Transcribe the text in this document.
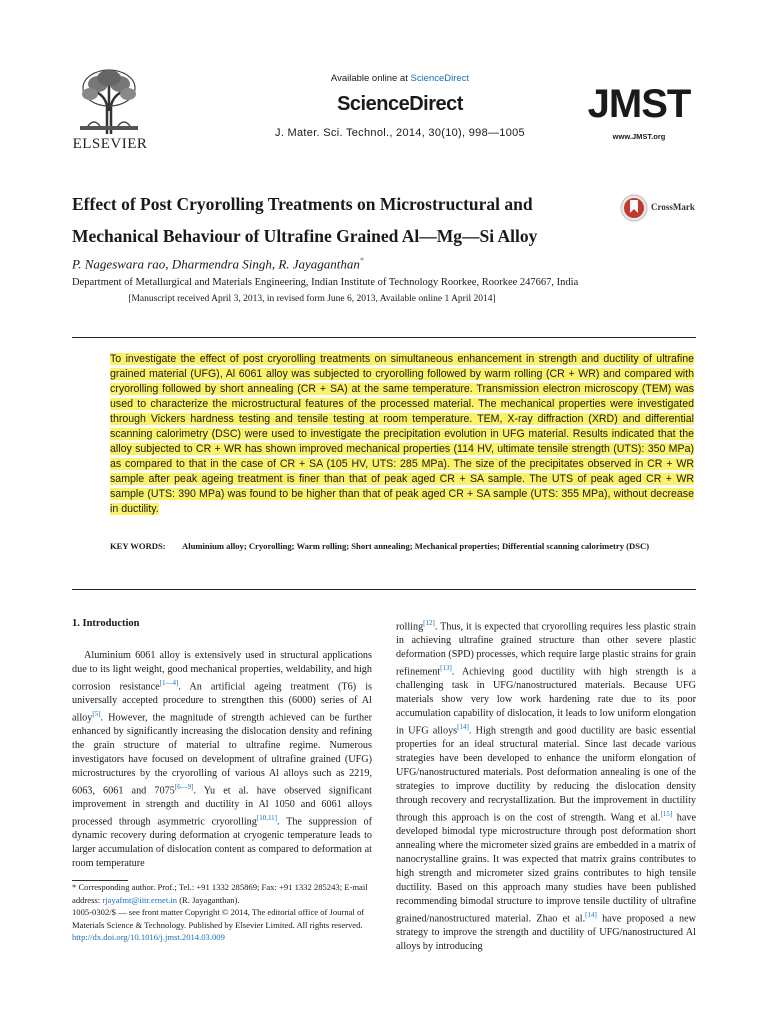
ELSEVIER
Available online at ScienceDirect
ScienceDirect
J. Mater. Sci. Technol., 2014, 30(10), 998—1005
JMST
www.JMST.org
Effect of Post Cryorolling Treatments on Microstructural and
Mechanical Behaviour of Ultrafine Grained Al—Mg—Si Alloy
CrossMark
P. Nageswara rao, Dharmendra Singh, R. Jayaganthan*
Department of Metallurgical and Materials Engineering, Indian Institute of Technology Roorkee, Roorkee 247667, India
[Manuscript received April 3, 2013, in revised form June 6, 2013, Available online 1 April 2014]
To investigate the effect of post cryorolling treatments on simultaneous enhancement in strength and ductility of ultrafine grained material (UFG), Al 6061 alloy was subjected to cryorolling followed by warm rolling (CR + WR) and compared with cryorolling followed by short annealing (CR + SA) at the same temperature. Transmission electron microscopy (TEM) was used to characterize the microstructural features of the processed material. The mechanical properties were investigated through Vickers hardness testing and tensile testing at room temperature. TEM, X-ray diffraction (XRD) and differential scanning calorimetry (DSC) were used to investigate the precipitation evolution in UFG material. Results indicated that the alloy subjected to CR + WR has shown improved mechanical properties (114 HV, ultimate tensile strength (UTS): 350 MPa) as compared to that in the case of CR + SA (105 HV, UTS: 285 MPa). The size of the precipitates observed in CR + WR sample after peak ageing treatment is finer than that of peak aged CR + SA sample. The UTS of peak aged CR + WR sample (UTS: 390 MPa) was found to be higher than that of peak aged CR + SA sample (UTS: 355 MPa), without decrease in ductility.
KEY WORDS: Aluminium alloy; Cryorolling; Warm rolling; Short annealing; Mechanical properties; Differential scanning calorimetry (DSC)
1. Introduction

Aluminium 6061 alloy is extensively used in structural applications due to its light weight, good mechanical properties, weldability, and high corrosion resistance[1—4]. An artificial ageing treatment (T6) is universally accepted procedure to strengthen this (6000) series of Al alloy[5]. However, the magnitude of strength achieved can be further enhanced by significantly increasing the dislocation density and refining the grain structure of material to ultrafine regime. Numerous investigators have focused on development of ultrafine grained (UFG) microstructures by the cryorolling of various Al alloys such as 2219, 6063, 6061 and 7075[6—9]. Yu et al. have observed significant improvement in strength and ductility in Al 1050 and 6061 alloys processed through asymmetric cryorolling[10,11]. The suppression of dynamic recovery during deformation at cryogenic temperature leads to larger accumulation of dislocation content as compared to deformation at room temperature

rolling[12]. Thus, it is expected that cryorolling requires less plastic strain in achieving ultrafine grained structure than other severe plastic deformation (SPD) processes, which require large plastic strains for grain refinement[13]. Achieving good ductility with high strength is a challenging task in UFG/nanostructured materials. Because UFG materials show very low work hardening rate due to its poor accumulation capability of dislocation, it leads to low uniform elongation in UFG alloys[14]. High strength and good ductility are basic essential properties for an ideal structural material. Since last decade various strategies have been developed to enhance the uniform elongation of UFG/nanostructured materials. Post deformation annealing is one of the strategies to improve ductility by reducing the dislocation density through recovery and recrystallization. But the improvement in ductility through this approach is on the cost of strength. Wang et al.[15] have developed bimodal type microstructure through post deformation short annealing where the micrometer sized grains are embedded in a matrix of nanocrystalline grains. It was expected that matrix grains contributes to high strength and micrometer sized grains contributes to high tensile ductility. Based on this approach many studies have been published recommending bimodal structure to improve tensile ductility of ultrafine grained/nanostructured material. Zhao et al.[14] have proposed a new strategy to improve the strength and ductility of UFG/nanostructured Al alloys by introducing

* Corresponding author. Prof.; Tel.: +91 1332 285869; Fax: +91 1332 285243; E-mail address: rjayafmt@iitr.ernet.in (R. Jayaganthan).
1005-0302/$ — see front matter Copyright © 2014, The editorial office of Journal of Materials Science & Technology. Published by Elsevier Limited. All rights reserved.
http://dx.doi.org/10.1016/j.jmst.2014.03.009
